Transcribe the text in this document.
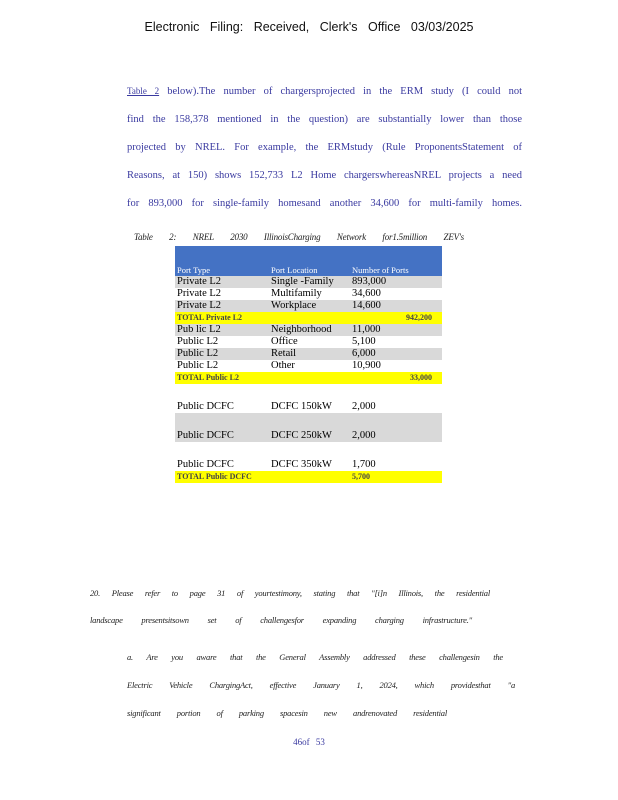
Electronic Filing: Received, Clerk's Office 03/03/2025
Table 2 below).The number of chargersprojected in the ERM study (I could not
find the 158,378 mentioned in the question) are substantially lower than those
projected by NREL. For example, the ERMstudy (Rule ProponentsStatement of
Reasons, at 150) shows 152,733 L2 Home chargerswhereasNREL projects a need
for 893,000 for single-family homesand another 34,600 for multi-family homes.
Table 2: NREL 2030 IllinoisCharging Network for1.5million ZEV's
Port Type	Port Location	Number of Ports	
Private L2	Single -Family	893,000	
Private L2	Multifamily	34,600	
Private L2	Workplace	14,600	
TOTAL Private L2			942,200
Pub lic L2	Neighborhood	11,000	
Public L2	Office	5,100	
Public L2	Retail	6,000	
Public L2	Other	10,900	
TOTAL Public L2			33,000
Public DCFC	DCFC 150kW	2,000	
Public DCFC	DCFC 250kW	2,000	
Public DCFC	DCFC 350kW	1,700	
TOTAL Public DCFC		5,700	
20. Please refer to page 31 of yourtestimony, stating that "[i]n Illinois, the residential
landscape presentsitsown set of challengesfor expanding charging infrastructure."
a. Are you aware that the General Assembly addressed these challengesin the
Electric Vehicle ChargingAct, effective January 1, 2024, which providesthat "a
significant portion of parking spacesin new andrenovated residential
46of 53
